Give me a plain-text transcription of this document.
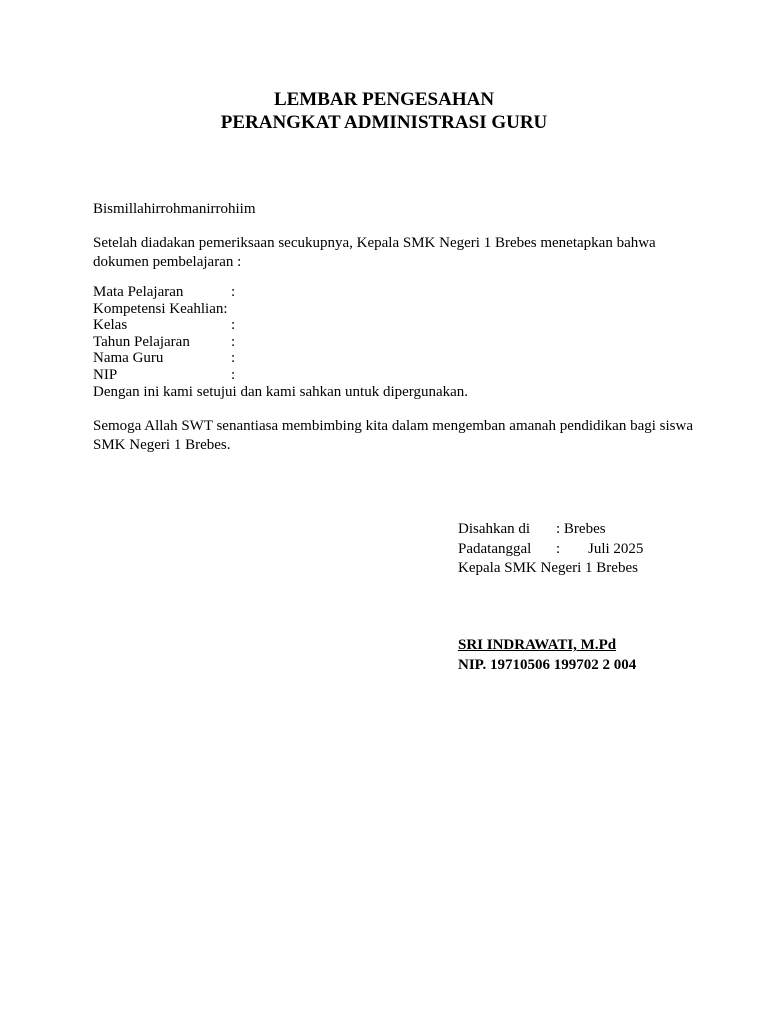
LEMBAR PENGESAHAN
PERANGKAT ADMINISTRASI GURU
Bismillahirrohmanirrohiim
Setelah diadakan pemeriksaan secukupnya, Kepala SMK Negeri 1 Brebes menetapkan bahwa dokumen pembelajaran :
Mata Pelajaran	:
Kompetensi Keahlian:
Kelas	:
Tahun Pelajaran	:
Nama Guru	:
NIP	:
Dengan ini kami setujui dan kami sahkan untuk dipergunakan.
Semoga Allah SWT senantiasa membimbing kita dalam mengemban amanah pendidikan bagi siswa SMK Negeri 1 Brebes.
Disahkan di : Brebes
Padatanggal : Juli 2025
Kepala SMK Negeri 1 Brebes
SRI INDRAWATI, M.Pd
NIP. 19710506 199702 2 004
